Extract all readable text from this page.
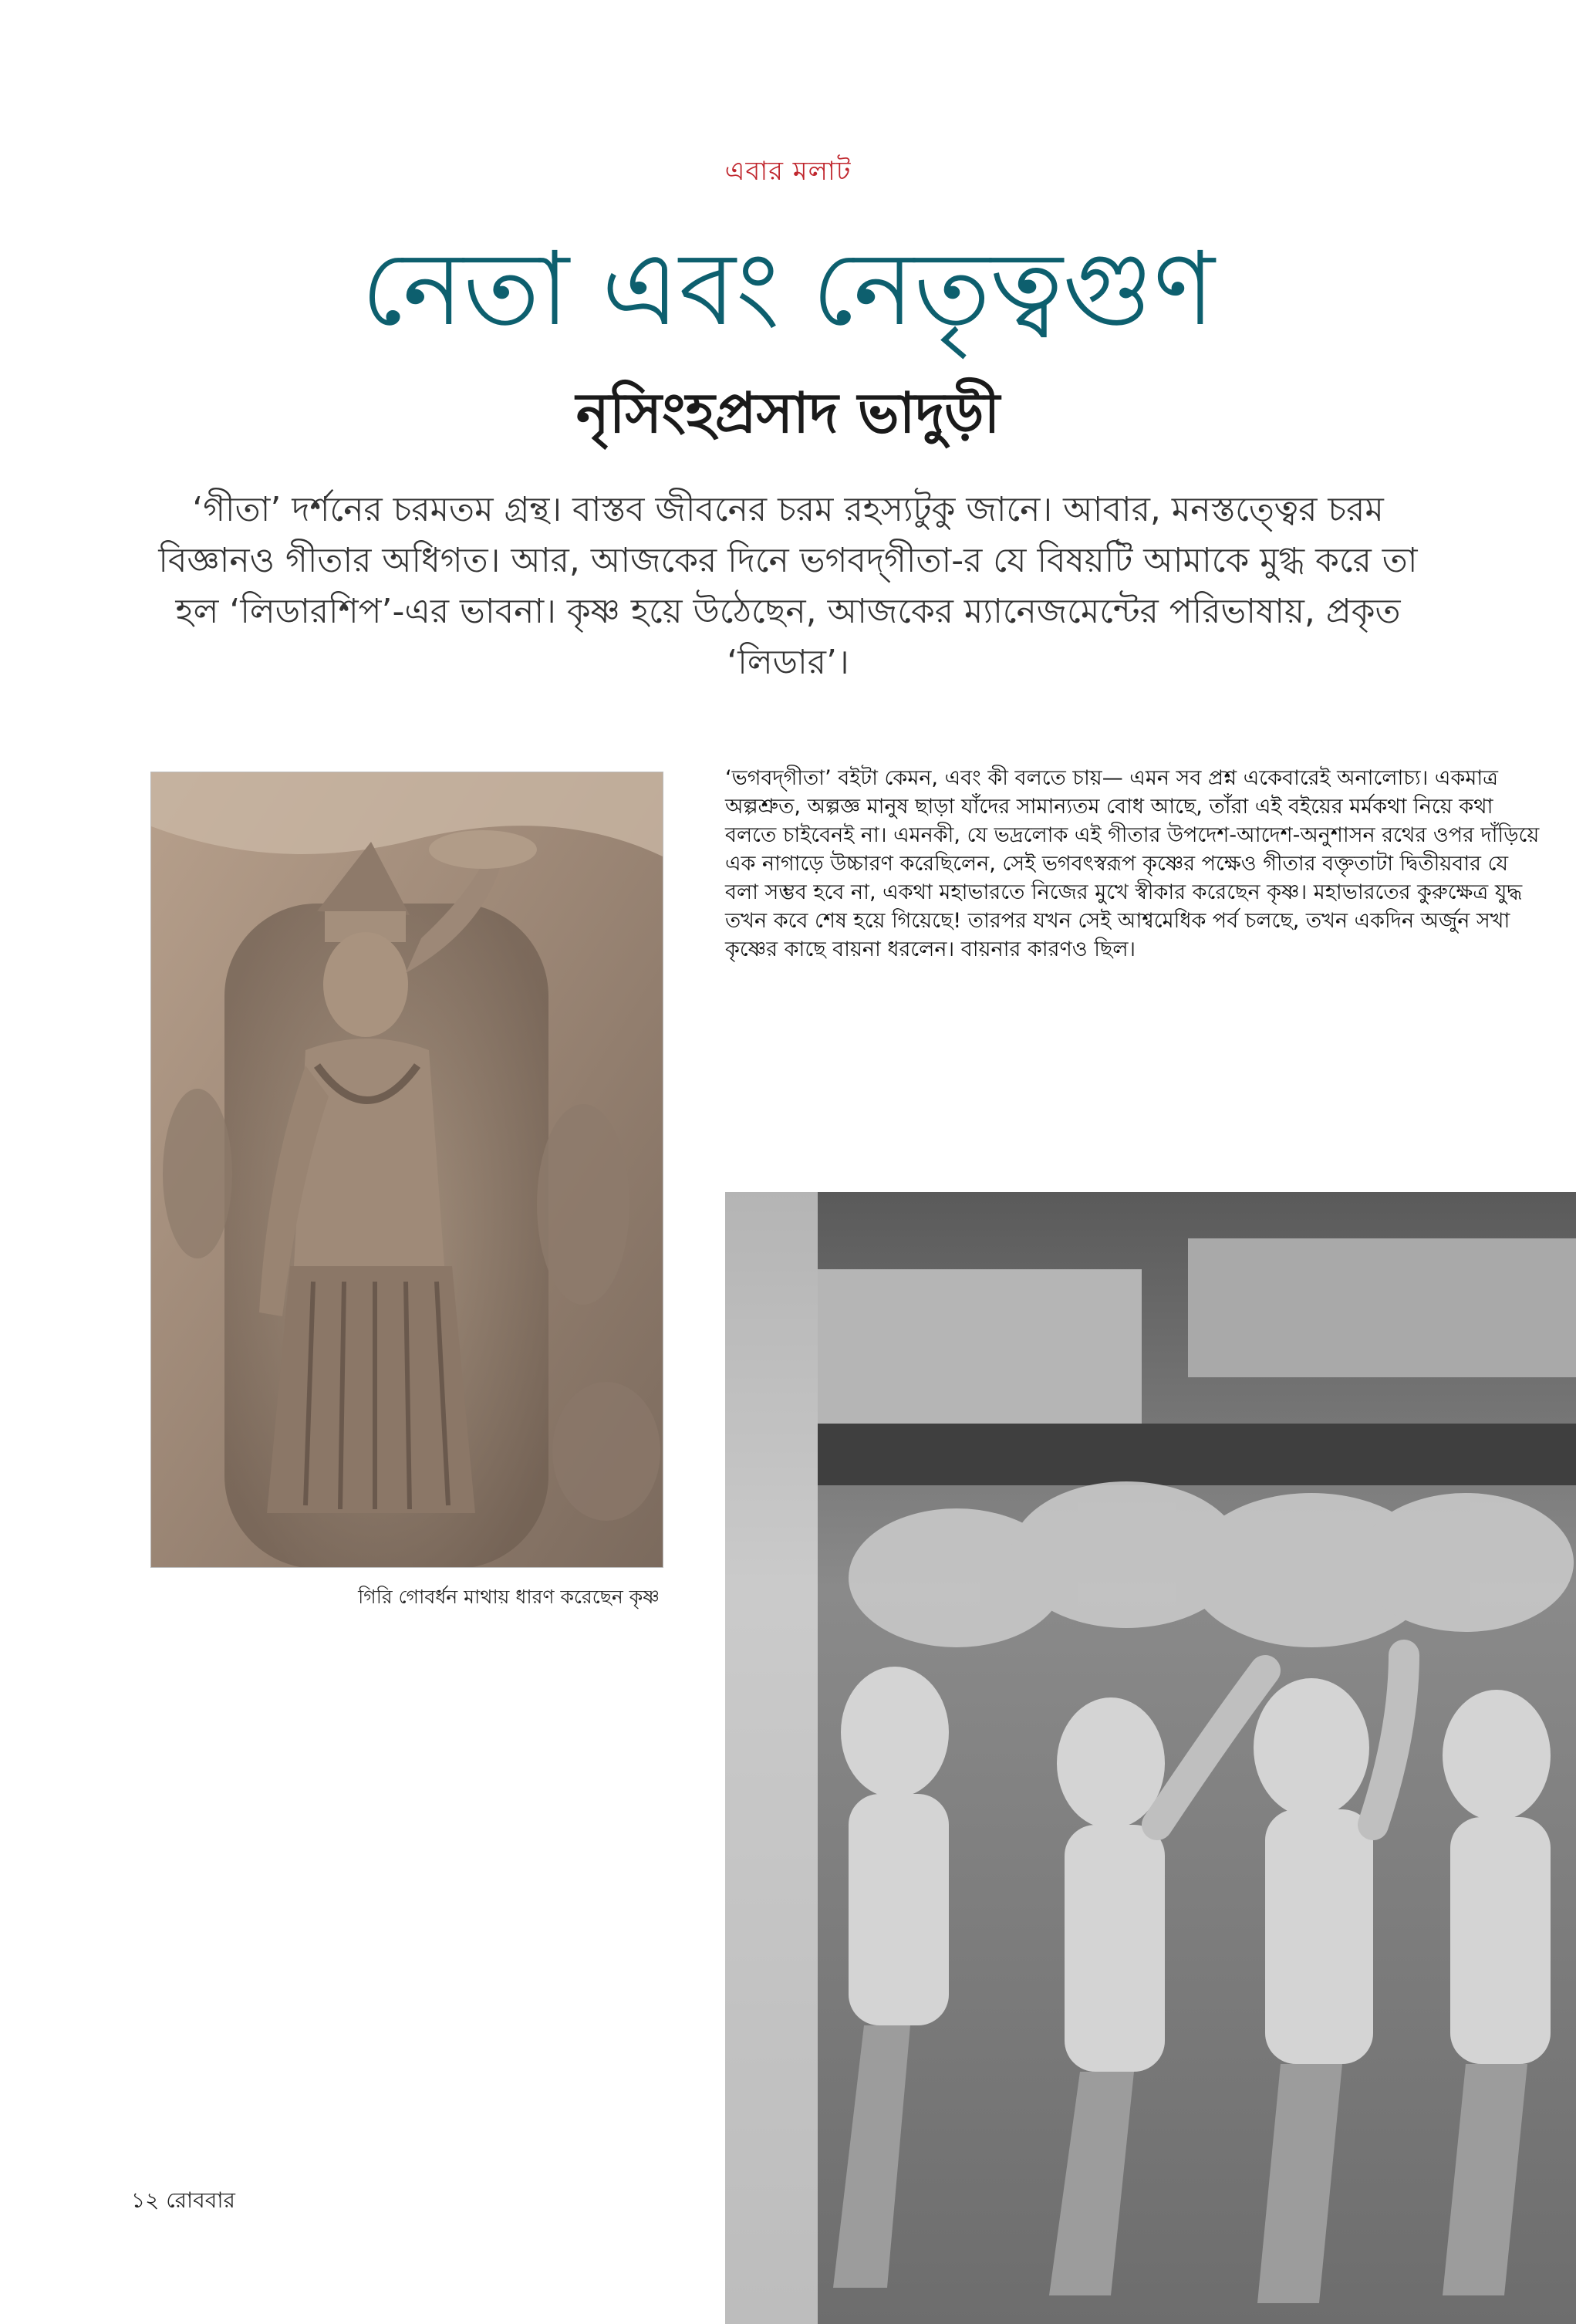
এবার মলাট
নেতা এবং নেতৃত্বগুণ
নৃসিংহপ্রসাদ ভাদুড়ী

‘গীতা’ দর্শনের চরমতম গ্রন্থ। বাস্তব জীবনের চরম রহস্যটুকু জানে। আবার, মনস্তত্ত্বের চরম বিজ্ঞানও গীতার অধিগত। আর, আজকের দিনে ভগবদ্‌গীতা-র যে বিষয়টি আমাকে মুগ্ধ করে তা হল ‘লিডারশিপ’-এর ভাবনা। কৃষ্ণ হয়ে উঠেছেন, আজকের ম্যানেজমেন্টের পরিভাষায়, প্রকৃত ‘লিডার’।

‘ভগবদ্‌গীতা’ বইটা কেমন, এবং কী বলতে চায়— এমন সব প্রশ্ন একেবারেই অনালোচ্য। একমাত্র অল্পশ্রুত, অল্পজ্ঞ মানুষ ছাড়া যাঁদের সামান্যতম বোধ আছে, তাঁরা এই বইয়ের মর্মকথা নিয়ে কথা বলতে চাইবেনই না। এমনকী, যে ভদ্রলোক এই গীতার উপদেশ-আদেশ-অনুশাসন রথের ওপর দাঁড়িয়ে এক নাগাড়ে উচ্চারণ করেছিলেন, সেই ভগবৎস্বরূপ কৃষ্ণের পক্ষেও গীতার বক্তৃতাটা দ্বিতীয়বার যে বলা সম্ভব হবে না, একথা মহাভারতে নিজের মুখে স্বীকার করেছেন কৃষ্ণ। মহাভারতের কুরুক্ষেত্র যুদ্ধ তখন কবে শেষ হয়ে গিয়েছে! তারপর যখন সেই আশ্বমেধিক পর্ব চলছে, তখন একদিন অর্জুন সখা কৃষ্ণের কাছে বায়না ধরলেন। বায়নার কারণও ছিল।

গিরি গোবর্ধন মাথায় ধারণ করেছেন কৃষ্ণ
১২ রোববার
